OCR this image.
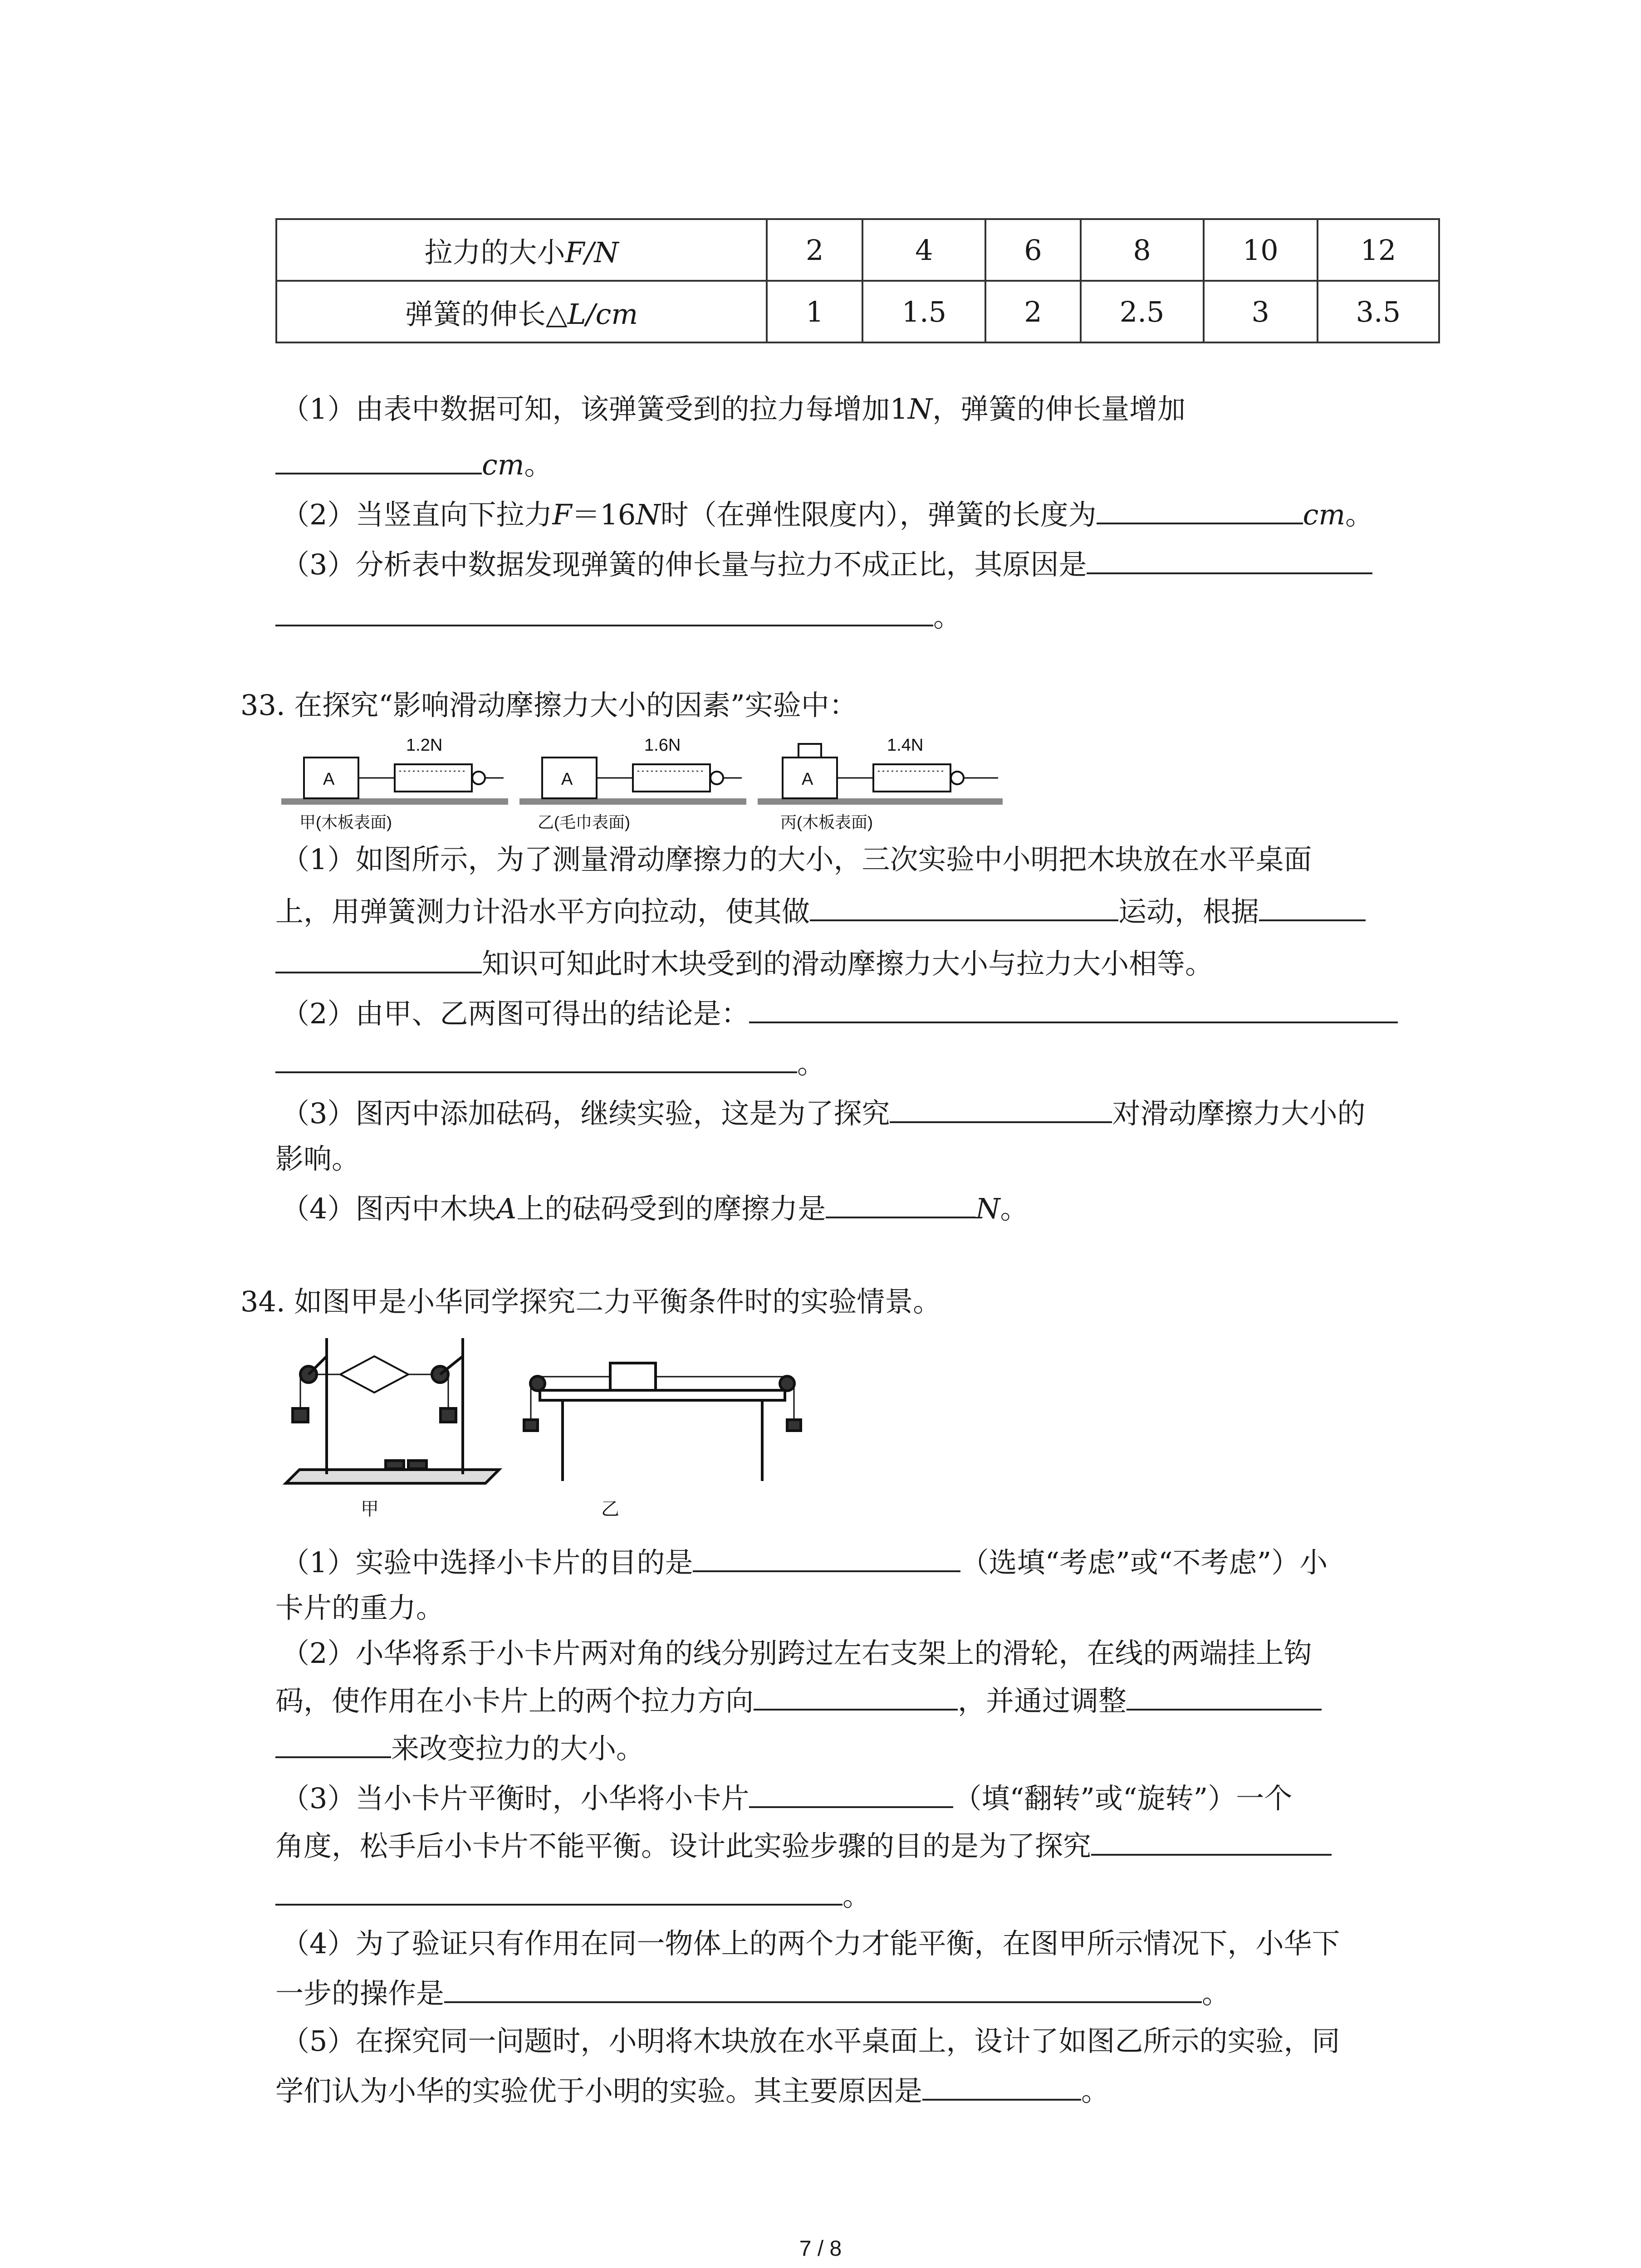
拉力的大小F/N	2	4	6	8	10	12
弹簧的伸长△L/cm	1	1.5	2	2.5	3	3.5
（1）由表中数据可知，该弹簧受到的拉力每增加1N，弹簧的伸长量增加
cm。
（2）当竖直向下拉力F＝16N时（在弹性限度内），弹簧的长度为	cm。
（3）分析表中数据发现弹簧的伸长量与拉力不成正比，其原因是
。
33. 在探究“影响滑动摩擦力大小的因素”实验中：
A
1.2N
甲(木板表面)
A
1.6N
乙(毛巾表面)
A
1.4N
丙(木板表面)
（1）如图所示，为了测量滑动摩擦力的大小，三次实验中小明把木块放在水平桌面
上，用弹簧测力计沿水平方向拉动，使其做	运动，根据
知识可知此时木块受到的滑动摩擦力大小与拉力大小相等。
（2）由甲、乙两图可得出的结论是：
。
（3）图丙中添加砝码，继续实验，这是为了探究	对滑动摩擦力大小的
影响。
（4）图丙中木块A上的砝码受到的摩擦力是	N。
34. 如图甲是小华同学探究二力平衡条件时的实验情景。
甲	乙
（1）实验中选择小卡片的目的是	（选填“考虑”或“不考虑”）小
卡片的重力。
（2）小华将系于小卡片两对角的线分别跨过左右支架上的滑轮，在线的两端挂上钩
码，使作用在小卡片上的两个拉力方向	，并通过调整
来改变拉力的大小。
（3）当小卡片平衡时，小华将小卡片	（填“翻转”或“旋转”）一个
角度，松手后小卡片不能平衡。设计此实验步骤的目的是为了探究
。
（4）为了验证只有作用在同一物体上的两个力才能平衡，在图甲所示情况下，小华下
一步的操作是	。
（5）在探究同一问题时，小明将木块放在水平桌面上，设计了如图乙所示的实验，同
学们认为小华的实验优于小明的实验。其主要原因是	。
7 / 8
